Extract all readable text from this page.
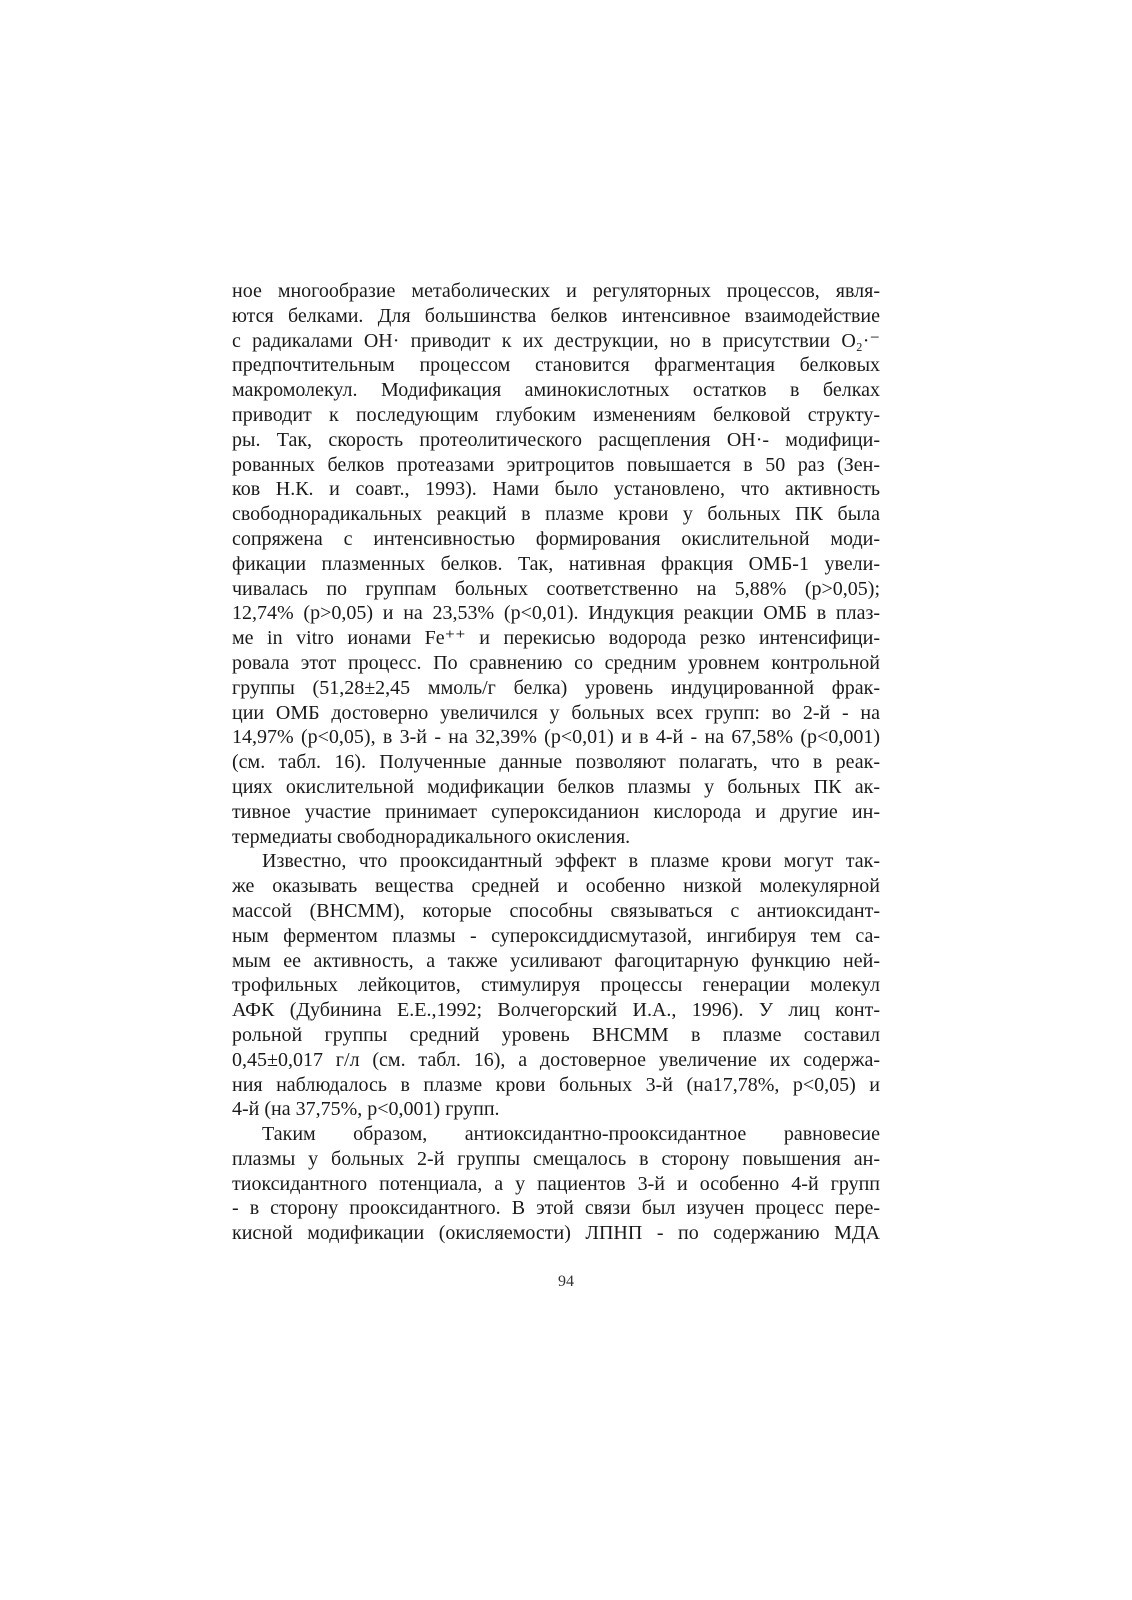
ное многообразие метаболических и регуляторных процессов, явля-
ются белками. Для большинства белков интенсивное взаимодействие
с радикалами ОН· приводит к их деструкции, но в присутствии O₂·⁻
предпочтительным процессом становится фрагментация белковых
макромолекул. Модификация аминокислотных остатков в белках
приводит к последующим глубоким изменениям белковой структу-
ры. Так, скорость протеолитического расщепления ОН·- модифици-
рованных белков протеазами эритроцитов повышается в 50 раз (Зен-
ков Н.К. и соавт., 1993). Нами было установлено, что активность
свободнорадикальных реакций в плазме крови у больных ПК была
сопряжена с интенсивностью формирования окислительной моди-
фикации плазменных белков. Так, нативная фракция ОМБ-1 увели-
чивалась по группам больных соответственно на 5,88% (р>0,05);
12,74% (р>0,05) и на 23,53% (р<0,01). Индукция реакции ОМБ в плаз-
ме in vitro ионами Fe⁺⁺ и перекисью водорода резко интенсифици-
ровала этот процесс. По сравнению со средним уровнем контрольной
группы (51,28±2,45 ммоль/г белка) уровень индуцированной фрак-
ции ОМБ достоверно увеличился у больных всех групп: во 2-й - на
14,97% (р<0,05), в 3-й - на 32,39% (р<0,01) и в 4-й - на 67,58% (р<0,001)
(см. табл. 16). Полученные данные позволяют полагать, что в реак-
циях окислительной модификации белков плазмы у больных ПК ак-
тивное участие принимает супероксиданион кислорода и другие ин-
термедиаты свободнорадикального окисления.
Известно, что прооксидантный эффект в плазме крови могут так-
же оказывать вещества средней и особенно низкой молекулярной
массой (ВНСММ), которые способны связываться с антиоксидант-
ным ферментом плазмы - супероксиддисмутазой, ингибируя тем са-
мым ее активность, а также усиливают фагоцитарную функцию ней-
трофильных лейкоцитов, стимулируя процессы генерации молекул
АФК (Дубинина Е.Е.,1992; Волчегорский И.А., 1996). У лиц конт-
рольной группы средний уровень ВНСММ в плазме составил
0,45±0,017 г/л (см. табл. 16), а достоверное увеличение их содержа-
ния наблюдалось в плазме крови больных 3-й (на17,78%, р<0,05) и
4-й (на 37,75%, р<0,001) групп.
Таким образом, антиоксидантно-прооксидантное равновесие
плазмы у больных 2-й группы смещалось в сторону повышения ан-
тиоксидантного потенциала, а у пациентов 3-й и особенно 4-й групп
- в сторону прооксидантного. В этой связи был изучен процесс пере-
кисной модификации (окисляемости) ЛПНП - по содержанию МДА
94
